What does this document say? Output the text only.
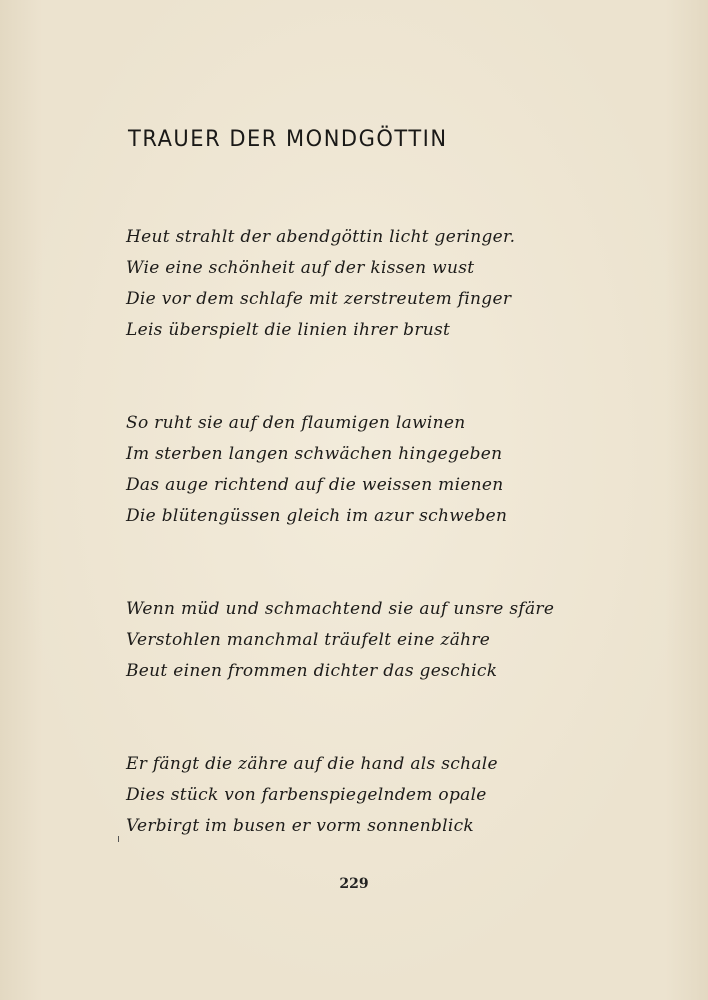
TRAUER DER MONDGÖTTIN
Heut strahlt der abendgöttin licht geringer.
Wie eine schönheit auf der kissen wust
Die vor dem schlafe mit zerstreutem finger
Leis überspielt die linien ihrer brust
So ruht sie auf den flaumigen lawinen
Im sterben langen schwächen hingegeben
Das auge richtend auf die weissen mienen
Die blütengüssen gleich im azur schweben
Wenn müd und schmachtend sie auf unsre sfäre
Verstohlen manchmal träufelt eine zähre
Beut einen frommen dichter das geschick
Er fängt die zähre auf die hand als schale
Dies stück von farbenspiegelndem opale
Verbirgt im busen er vorm sonnenblick
229
